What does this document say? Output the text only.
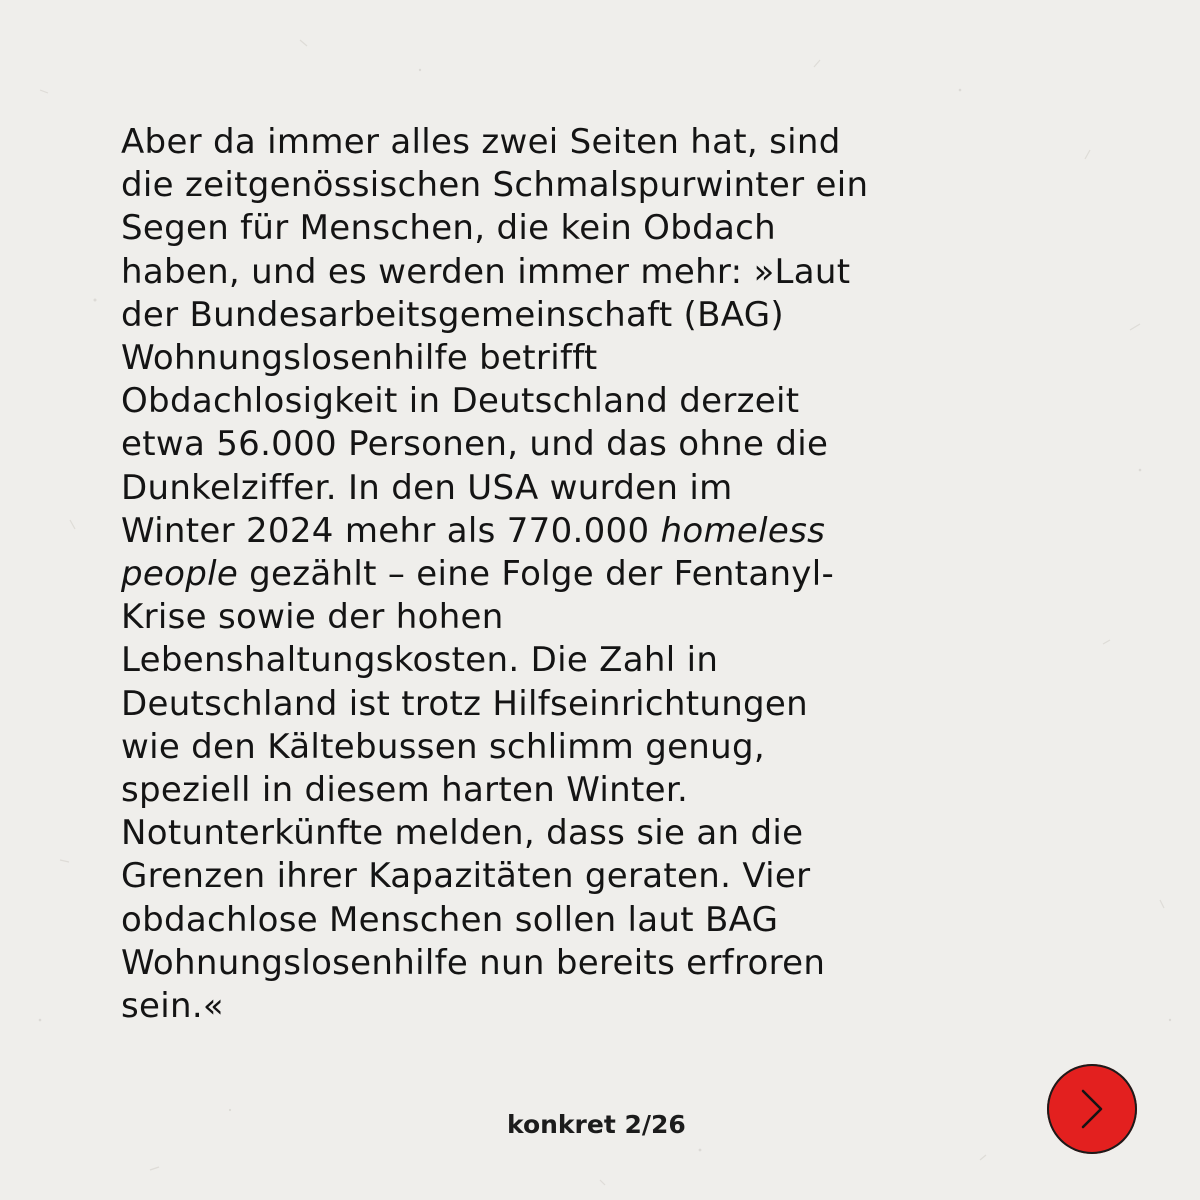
Aber da immer alles zwei Seiten hat, sind
die zeitgenössischen Schmalspurwinter ein
Segen für Menschen, die kein Obdach
haben, und es werden immer mehr: »Laut
der Bundesarbeitsgemeinschaft (BAG)
Wohnungslosenhilfe betrifft
Obdachlosigkeit in Deutschland derzeit
etwa 56.000 Personen, und das ohne die
Dunkelziffer. In den USA wurden im
Winter 2024 mehr als 770.000 homeless
people gezählt – eine Folge der Fentanyl-
Krise sowie der hohen
Lebenshaltungskosten. Die Zahl in
Deutschland ist trotz Hilfseinrichtungen
wie den Kältebussen schlimm genug,
speziell in diesem harten Winter.
Notunterkünfte melden, dass sie an die
Grenzen ihrer Kapazitäten geraten. Vier
obdachlose Menschen sollen laut BAG
Wohnungslosenhilfe nun bereits erfroren
sein.«
konkret 2/26
